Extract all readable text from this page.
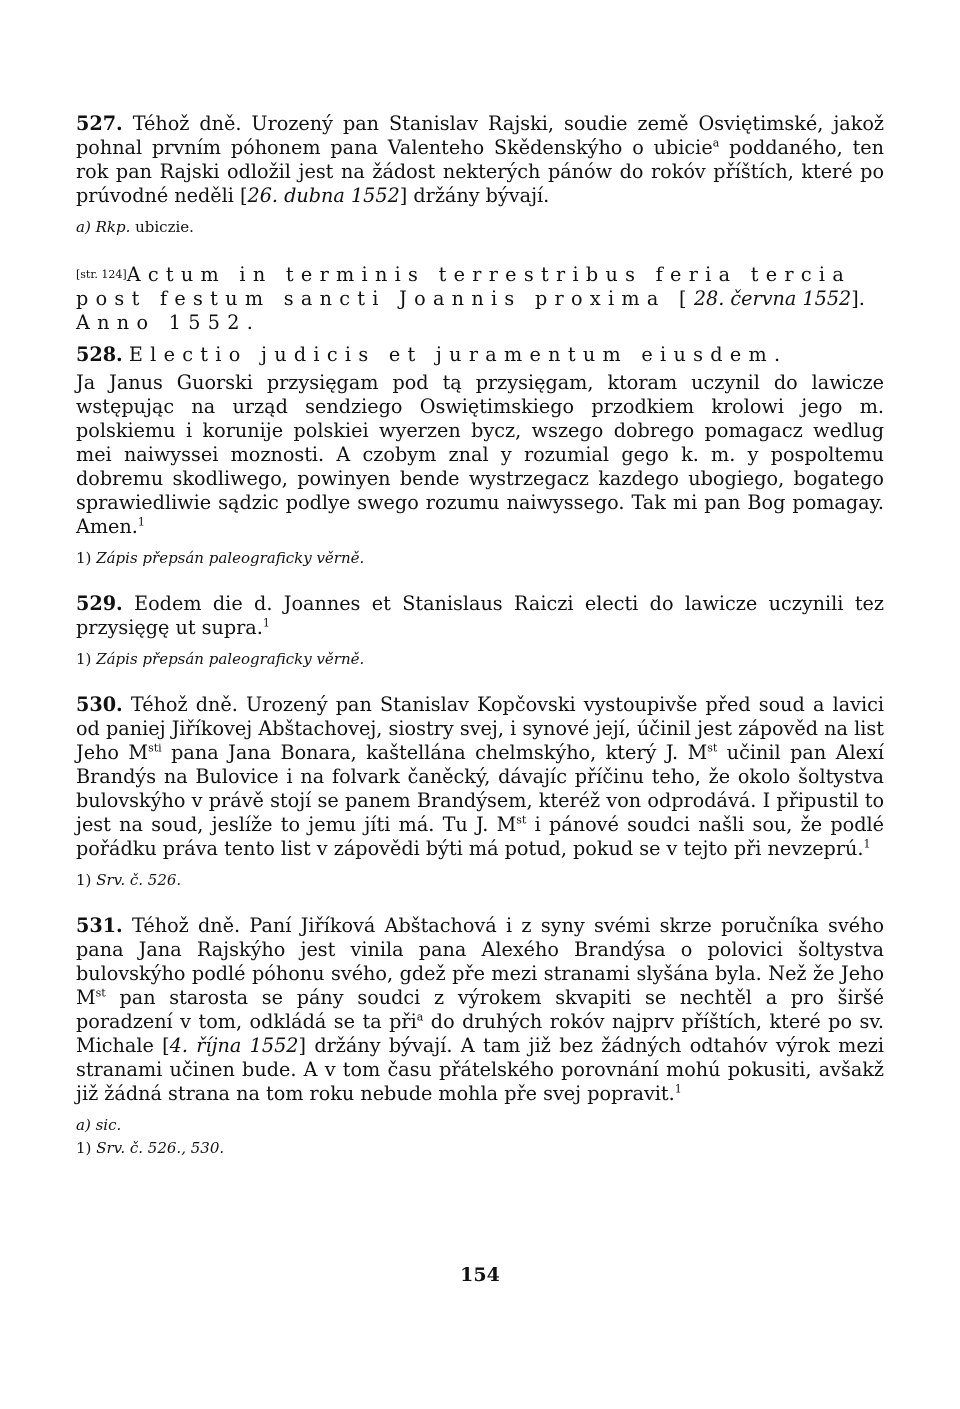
527. Téhož dně. Urozený pan Stanislav Rajski, soudie země Osviętimské, jakož pohnal prvním póhonem pana Valenteho Skědenskýho o ubicie$^a$ poddaného, ten rok pan Rajski odložil jest na žádost nekterých pánów do rokóv příštích, které po prúvodné neděli [26. dubna 1552] držány bývají.

a) Rkp. ubiczie.

[str. 124]Actum in terminis terrestribus feria tercia post festum sancti Joannis proxima [28. června 1552].
Anno 1552.

528. Electio judicis et juramentum eiusdem.

Ja Janus Guorski przysięgam pod tą przysięgam, ktoram uczynil do lawicze wstępując na urząd sendziego Oswiętimskiego przodkiem krolowi jego m. polskiemu i korunije polskiei wyerzen bycz, wszego dobrego pomagacz wedlug mei naiwyssei moznosti. A czobym znal y rozumial gego k. m. y pospoltemu dobremu skodliwego, powinyen bende wystrzegacz kazdego ubogiego, bogatego sprawiedliwie sądzic podlye swego rozumu naiwyssego. Tak mi pan Bog pomagay. Amen.$^1$

1) Zápis přepsán paleograficky věrně.

529. Eodem die d. Joannes et Stanislaus Raiczi electi do lawicze uczynili tez przysięgę ut supra.$^1$

1) Zápis přepsán paleograficky věrně.

530. Téhož dně. Urozený pan Stanislav Kopčovski vystoupivše před soud a lavici od paniej Jiříkovej Abštachovej, siostry svej, i synové její, účinil jest zápověd na list Jeho $M^{sti}$ pana Jana Bonara, kaštellána chelmskýho, který J. Mst učinil pan Alexí Brandýs na Bulovice i na folvark čaněcký, dávajíc příčinu teho, že okolo šoltystva bulovskýho v právě stojí se panem Brandýsem, kteréž von odprodává. I připustil to jest na soud, jeslíže to jemu jíti má. Tu J. Mst i pánové soudci našli sou, že podlé pořádku práva tento list v zápovědi býti má potud, pokud se v tejto při nevzeprú.$^1$

1) Srv. č. 526.

531. Téhož dně. Paní Jiříková Abštachová i z syny svémi skrze poručníka svého pana Jana Rajskýho jest vinila pana Alexého Brandýsa o polovici šoltystva bulovskýho podlé póhonu svého, gdež pře mezi stranami slyšána byla. Než že Jeho Mst pan starosta se pány soudci z výrokem skvapiti se nechtěl a pro širšé poradzení v tom, odkládá se ta při$^a$ do druhých rokóv najprv příštích, které po sv. Michale [4. října 1552] držány bývají. A tam již bez žádných odtahóv výrok mezi stranami učinen bude. A v tom času přátelského porovnání mohú pokusiti, avšakž již žádná strana na tom roku nebude mohla pře svej popravit.$^1$

a) sic.

1) Srv. č. 526., 530.

154
